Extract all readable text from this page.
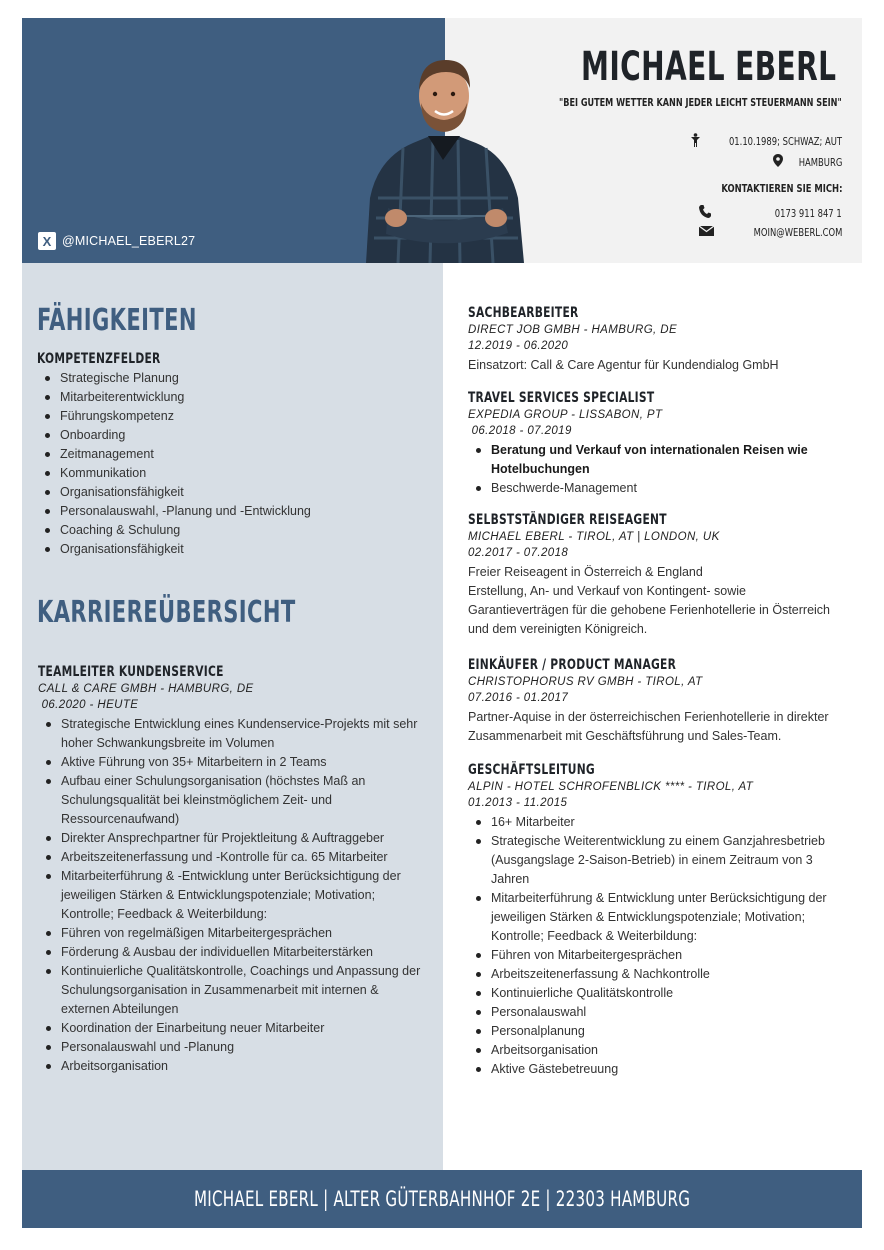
X @MICHAEL_EBERL27
MICHAEL EBERL
"BEI GUTEM WETTER KANN JEDER LEICHT STEUERMANN SEIN"
01.10.1989; SCHWAZ; AUT
HAMBURG
KONTAKTIEREN SIE MICH:
0173 911 847 1
MOIN@WEBERL.COM
FÄHIGKEITEN
KOMPETENZFELDER
Strategische Planung
Mitarbeiterentwicklung
Führungskompetenz
Onboarding
Zeitmanagement
Kommunikation
Organisationsfähigkeit
Personalauswahl, -Planung und -Entwicklung
Coaching & Schulung
Organisationsfähigkeit
KARRIEREÜBERSICHT
TEAMLEITER KUNDENSERVICE
CALL & CARE GMBH - HAMBURG, DE
06.2020 - HEUTE
Strategische Entwicklung eines Kundenservice-Projekts mit sehr hoher Schwankungsbreite im Volumen
Aktive Führung von 35+ Mitarbeitern in 2 Teams
Aufbau einer Schulungsorganisation (höchstes Maß an Schulungsqualität bei kleinstmöglichem Zeit- und Ressourcenaufwand)
Direkter Ansprechpartner für Projektleitung & Auftraggeber
Arbeitszeitenerfassung und -Kontrolle für ca. 65 Mitarbeiter
Mitarbeiterführung & -Entwicklung unter Berücksichtigung der jeweiligen Stärken & Entwicklungspotenziale; Motivation; Kontrolle; Feedback & Weiterbildung:
Führen von regelmäßigen Mitarbeitergesprächen
Förderung & Ausbau der individuellen Mitarbeiterstärken
Kontinuierliche Qualitätskontrolle, Coachings und Anpassung der Schulungsorganisation in Zusammenarbeit mit internen & externen Abteilungen
Koordination der Einarbeitung neuer Mitarbeiter
Personalauswahl und -Planung
Arbeitsorganisation
SACHBEARBEITER
DIRECT JOB GMBH - HAMBURG, DE
12.2019 - 06.2020
Einsatzort: Call & Care Agentur für Kundendialog GmbH
TRAVEL SERVICES SPECIALIST
EXPEDIA GROUP - LISSABON, PT
06.2018 - 07.2019
Beratung und Verkauf von internationalen Reisen wie Hotelbuchungen
Beschwerde-Management
SELBSTSTÄNDIGER REISEAGENT
MICHAEL EBERL - TIROL, AT | LONDON, UK
02.2017 - 07.2018
Freier Reiseagent in Österreich & England
Erstellung, An- und Verkauf von Kontingent- sowie Garantieverträgen für die gehobene Ferienhotellerie in Österreich und dem vereinigten Königreich.
EINKÄUFER / PRODUCT MANAGER
CHRISTOPHORUS RV GMBH - TIROL, AT
07.2016 - 01.2017
Partner-Aquise in der österreichischen Ferienhotellerie in direkter Zusammenarbeit mit Geschäftsführung und Sales-Team.
GESCHÄFTSLEITUNG
ALPIN - HOTEL SCHROFENBLICK **** - TIROL, AT
01.2013 - 11.2015
16+ Mitarbeiter
Strategische Weiterentwicklung zu einem Ganzjahresbetrieb (Ausgangslage 2-Saison-Betrieb) in einem Zeitraum von 3 Jahren
Mitarbeiterführung & Entwicklung unter Berücksichtigung der jeweiligen Stärken & Entwicklungspotenziale; Motivation; Kontrolle; Feedback & Weiterbildung:
Führen von Mitarbeitergesprächen
Arbeitszeitenerfassung & Nachkontrolle
Kontinuierliche Qualitätskontrolle
Personalauswahl
Personalplanung
Arbeitsorganisation
Aktive Gästebetreuung
MICHAEL EBERL | ALTER GÜTERBAHNHOF 2E | 22303 HAMBURG
